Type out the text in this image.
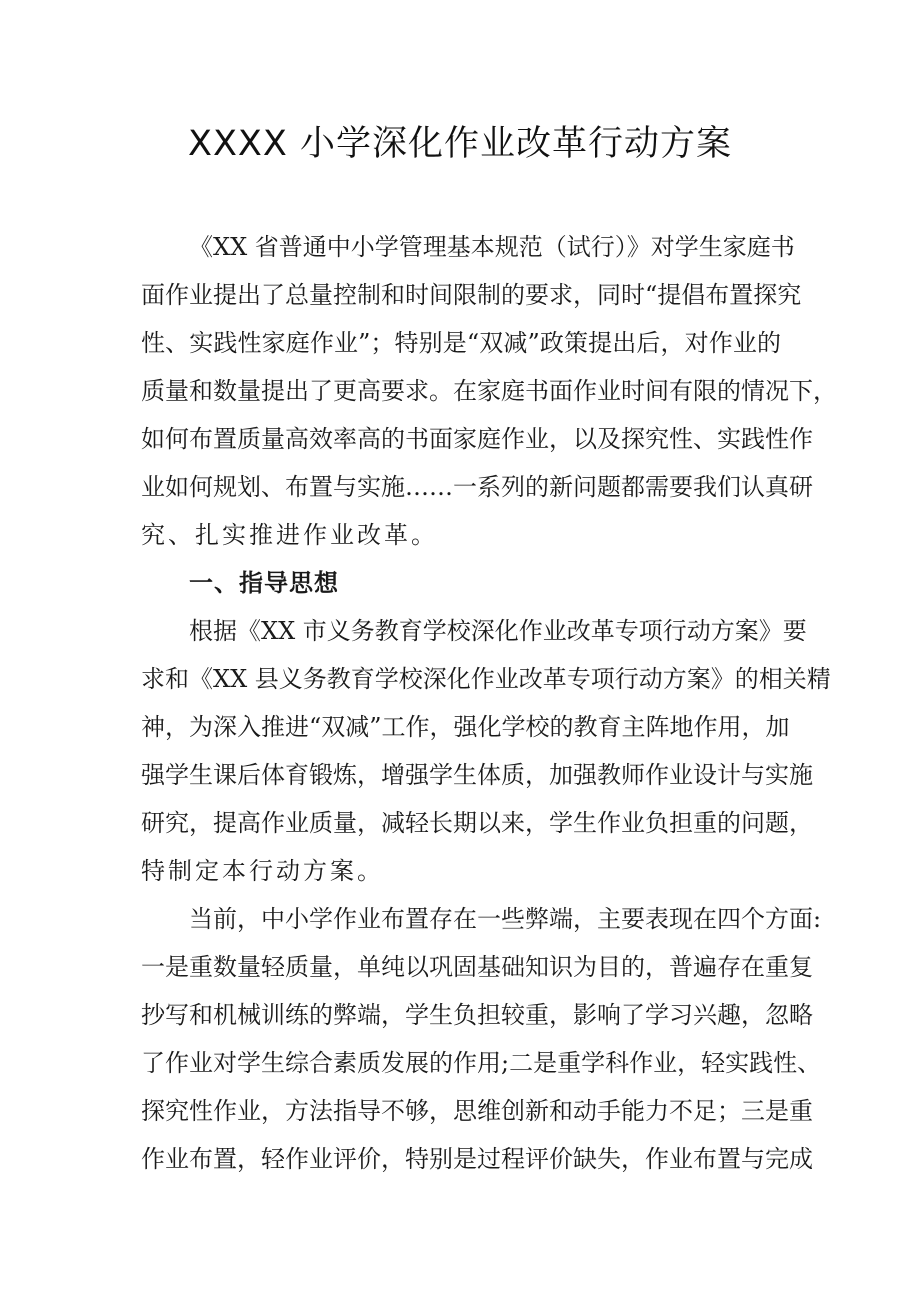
XXXX 小学深化作业改革行动方案

《XX 省普通中小学管理基本规范（试行）》对学生家庭书

面作业提出了总量控制和时间限制的要求，同时“提倡布置探究

性、实践性家庭作业”；特别是“双减”政策提出后，对作业的

质量和数量提出了更高要求。在家庭书面作业时间有限的情况下，

如何布置质量高效率高的书面家庭作业，以及探究性、实践性作

业如何规划、布置与实施……一系列的新问题都需要我们认真研

究、扎实推进作业改革。

一、指导思想

根据《XX 市义务教育学校深化作业改革专项行动方案》要

求和《XX 县义务教育学校深化作业改革专项行动方案》的相关精

神，为深入推进“双减”工作，强化学校的教育主阵地作用，加

强学生课后体育锻炼，增强学生体质，加强教师作业设计与实施

研究，提高作业质量，减轻长期以来，学生作业负担重的问题，

特制定本行动方案。

当前，中小学作业布置存在一些弊端，主要表现在四个方面:

一是重数量轻质量，单纯以巩固基础知识为目的，普遍存在重复

抄写和机械训练的弊端，学生负担较重，影响了学习兴趣，忽略

了作业对学生综合素质发展的作用;二是重学科作业，轻实践性、

探究性作业，方法指导不够，思维创新和动手能力不足；三是重

作业布置，轻作业评价，特别是过程评价缺失，作业布置与完成
